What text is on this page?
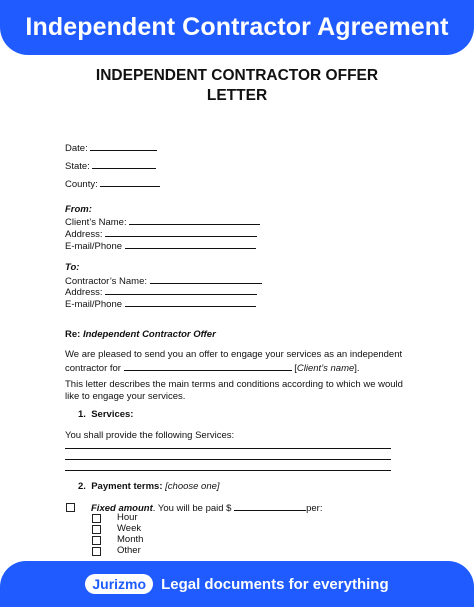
Independent Contractor Agreement
INDEPENDENT CONTRACTOR OFFER
LETTER
Date:
State:
County:
From:
Client’s Name:
Address:
E-mail/Phone
To:
Contractor’s Name:
Address:
E-mail/Phone
Re: Independent Contractor Offer
We are pleased to send you an offer to engage your services as an independent
contractor for	[Client’s name].
This letter describes the main terms and conditions according to which we would like to engage your services.
1. Services:
You shall provide the following Services:
2. Payment terms: [choose one]
Fixed amount. You will be paid $	per:
Hour
Week
Month
Other
Jurizmo	Legal documents for everything
